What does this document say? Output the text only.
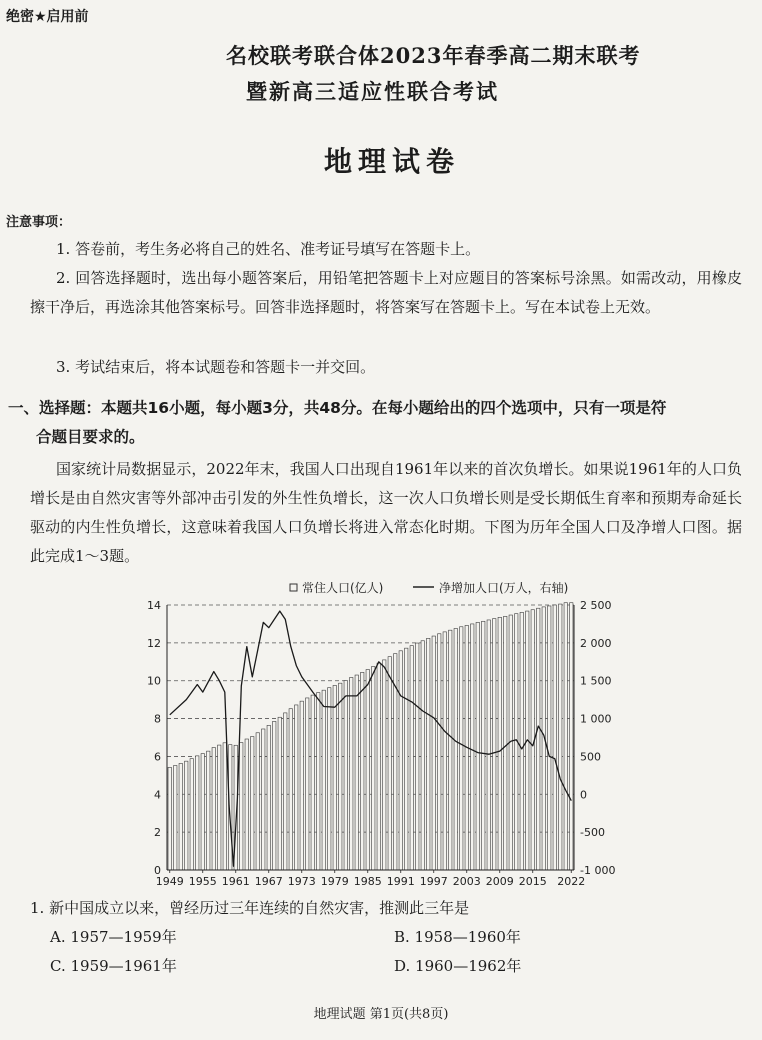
绝密★启用前
名校联考联合体2023年春季高二期末联考
暨新高三适应性联合考试
地理试卷
注意事项：
1. 答卷前，考生务必将自己的姓名、准考证号填写在答题卡上。
2. 回答选择题时，选出每小题答案后，用铅笔把答题卡上对应题目的答案标号涂黑。如需改动，用橡皮擦干净后，再选涂其他答案标号。回答非选择题时，将答案写在答题卡上。写在本试卷上无效。
3. 考试结束后，将本试题卷和答题卡一并交回。
一、选择题：本题共16小题，每小题3分，共48分。在每小题给出的四个选项中，只有一项是符
合题目要求的。
国家统计局数据显示，2022年末，我国人口出现自1961年以来的首次负增长。如果说1961年的人口负增长是由自然灾害等外部冲击引发的外生性负增长，这一次人口负增长则是受长期低生育率和预期寿命延长驱动的内生性负增长，这意味着我国人口负增长将进入常态化时期。下图为历年全国人口及净增人口图。据此完成1～3题。
常住人口(亿人)	净增加人口(万人，右轴)
0
2
4
6
8
10
12
14
-1 000
-500
0
500
1 000
1 500
2 000
2 500
1949 1955 1961 1967 1973 1979 1985 1991 1997 2003 2009 2015 2022
1. 新中国成立以来，曾经历过三年连续的自然灾害，推测此三年是
A. 1957—1959年	B. 1958—1960年
C. 1959—1961年	D. 1960—1962年
地理试题 第1页(共8页)
